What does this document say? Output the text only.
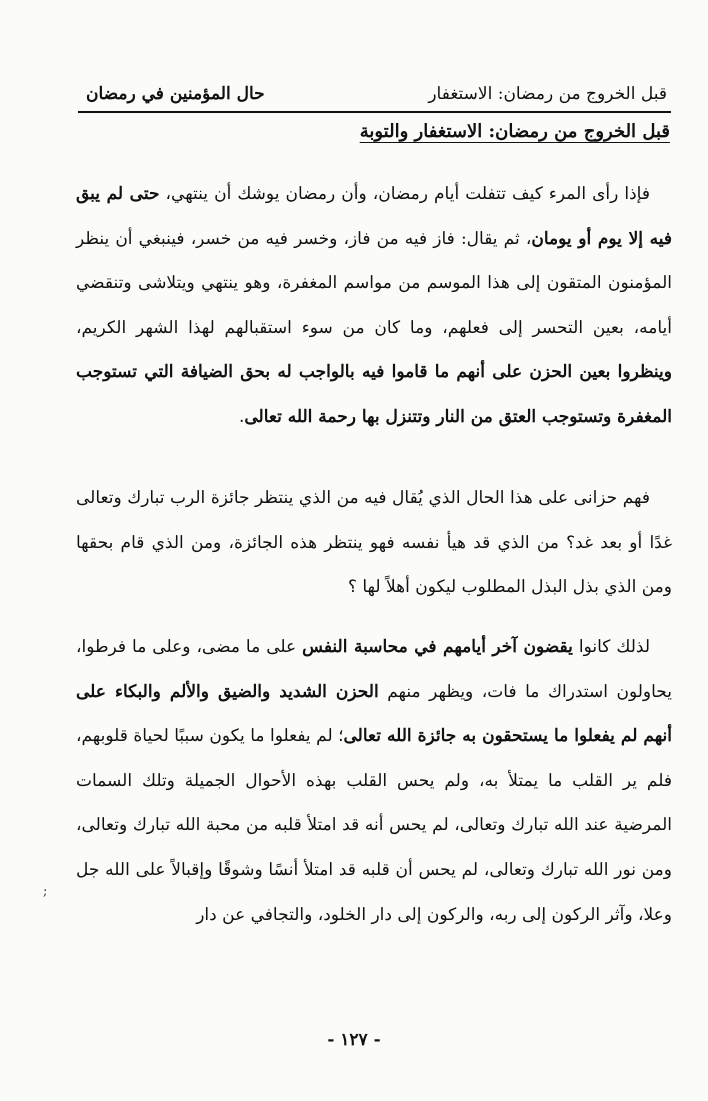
قبل الخروج من رمضان: الاستغفار
حال المؤمنين في رمضان
قبل الخروج من رمضان: الاستغفار والتوبة

فإذا رأى المرء كيف تتفلت أيام رمضان، وأن رمضان يوشك أن ينتهي، حتى لم يبق فيه إلا يوم أو يومان، ثم يقال: فاز فيه من فاز، وخسر فيه من خسر، فينبغي أن ينظر المؤمنون المتقون إلى هذا الموسم من مواسم المغفرة، وهو ينتهي ويتلاشى وتنقضي أيامه، بعين التحسر إلى فعلهم، وما كان من سوء استقبالهم لهذا الشهر الكريم، وينظروا بعين الحزن على أنهم ما قاموا فيه بالواجب له بحق الضيافة التي تستوجب المغفرة وتستوجب العتق من النار وتتنزل بها رحمة الله تعالى.

فهم حزانى على هذا الحال الذي يُقال فيه من الذي ينتظر جائزة الرب تبارك وتعالى غدًا أو بعد غد؟ من الذي قد هيأ نفسه فهو ينتظر هذه الجائزة، ومن الذي قام بحقها ومن الذي بذل البذل المطلوب ليكون أهلاً لها ؟

لذلك كانوا يقضون آخر أيامهم في محاسبة النفس على ما مضى، وعلى ما فرطوا، يحاولون استدراك ما فات، ويظهر منهم الحزن الشديد والضيق والألم والبكاء على أنهم لم يفعلوا ما يستحقون به جائزة الله تعالى؛ لم يفعلوا ما يكون سببًا لحياة قلوبهم، فلم ير القلب ما يمتلأ به، ولم يحس القلب بهذه الأحوال الجميلة وتلك السمات المرضية عند الله تبارك وتعالى، لم يحس أنه قد امتلأ قلبه من محبة الله تبارك وتعالى، ومن نور الله تبارك وتعالى، لم يحس أن قلبه قد امتلأ أنسًا وشوقًا وإقبالاً على الله جل وعلا، وآثر الركون إلى ربه، والركون إلى دار الخلود، والتجافي عن دار

;
- ١٢٧ -
